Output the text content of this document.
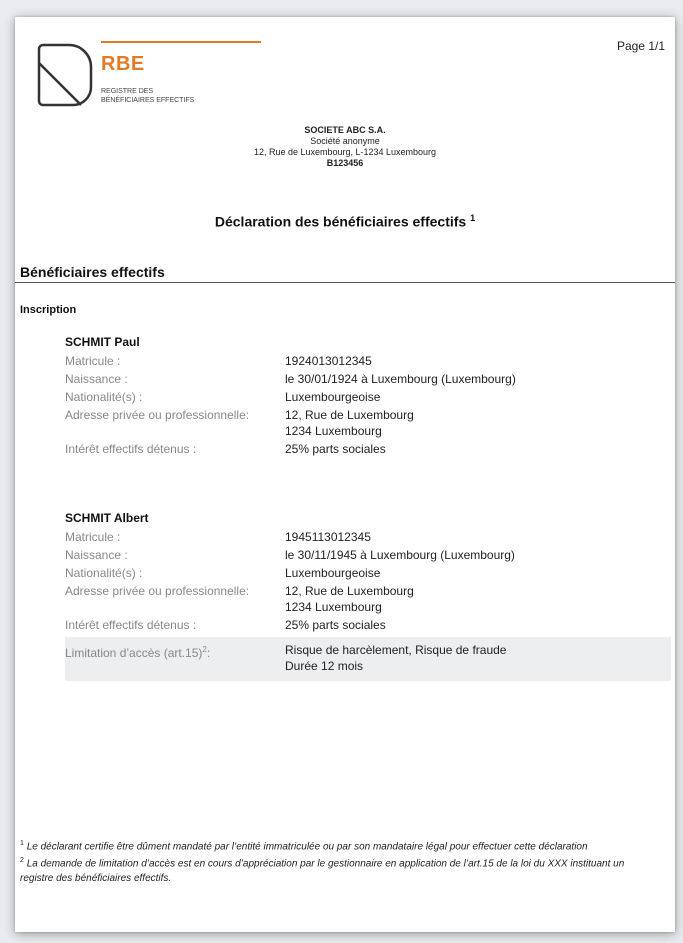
Page 1/1
RBE
REGISTRE DES
BÉNÉFICIAIRES EFFECTIFS
SOCIETE ABC S.A.
Société anonyme
12, Rue de Luxembourg, L-1234 Luxembourg
B123456
Déclaration des bénéficiaires effectifs $^1$
Bénéficiaires effectifs
Inscription
SCHMIT Paul
Matricule :	1924013012345
Naissance :	le 30/01/1924 à Luxembourg (Luxembourg)
Nationalité(s) :	Luxembourgeoise
Adresse privée ou professionnelle:	12, Rue de Luxembourg
1234 Luxembourg
Intérêt effectifs détenus :	25% parts sociales
SCHMIT Albert
Matricule :	1945113012345
Naissance :	le 30/11/1945 à Luxembourg (Luxembourg)
Nationalité(s) :	Luxembourgeoise
Adresse privée ou professionnelle:	12, Rue de Luxembourg
1234 Luxembourg
Intérêt effectifs détenus :	25% parts sociales
Limitation d’accès $(art.15)^2$:	Risque de harcèlement, Risque de fraude
Durée 12 mois
$^1$ Le déclarant certifie être dûment mandaté par l’entité immatriculée ou par son mandataire légal pour effectuer cette déclaration
$^2$ La demande de limitation d’accès est en cours d’appréciation par le gestionnaire en application de l’art.15 de la loi du XXX instituant un registre des bénéficiaires effectifs.
